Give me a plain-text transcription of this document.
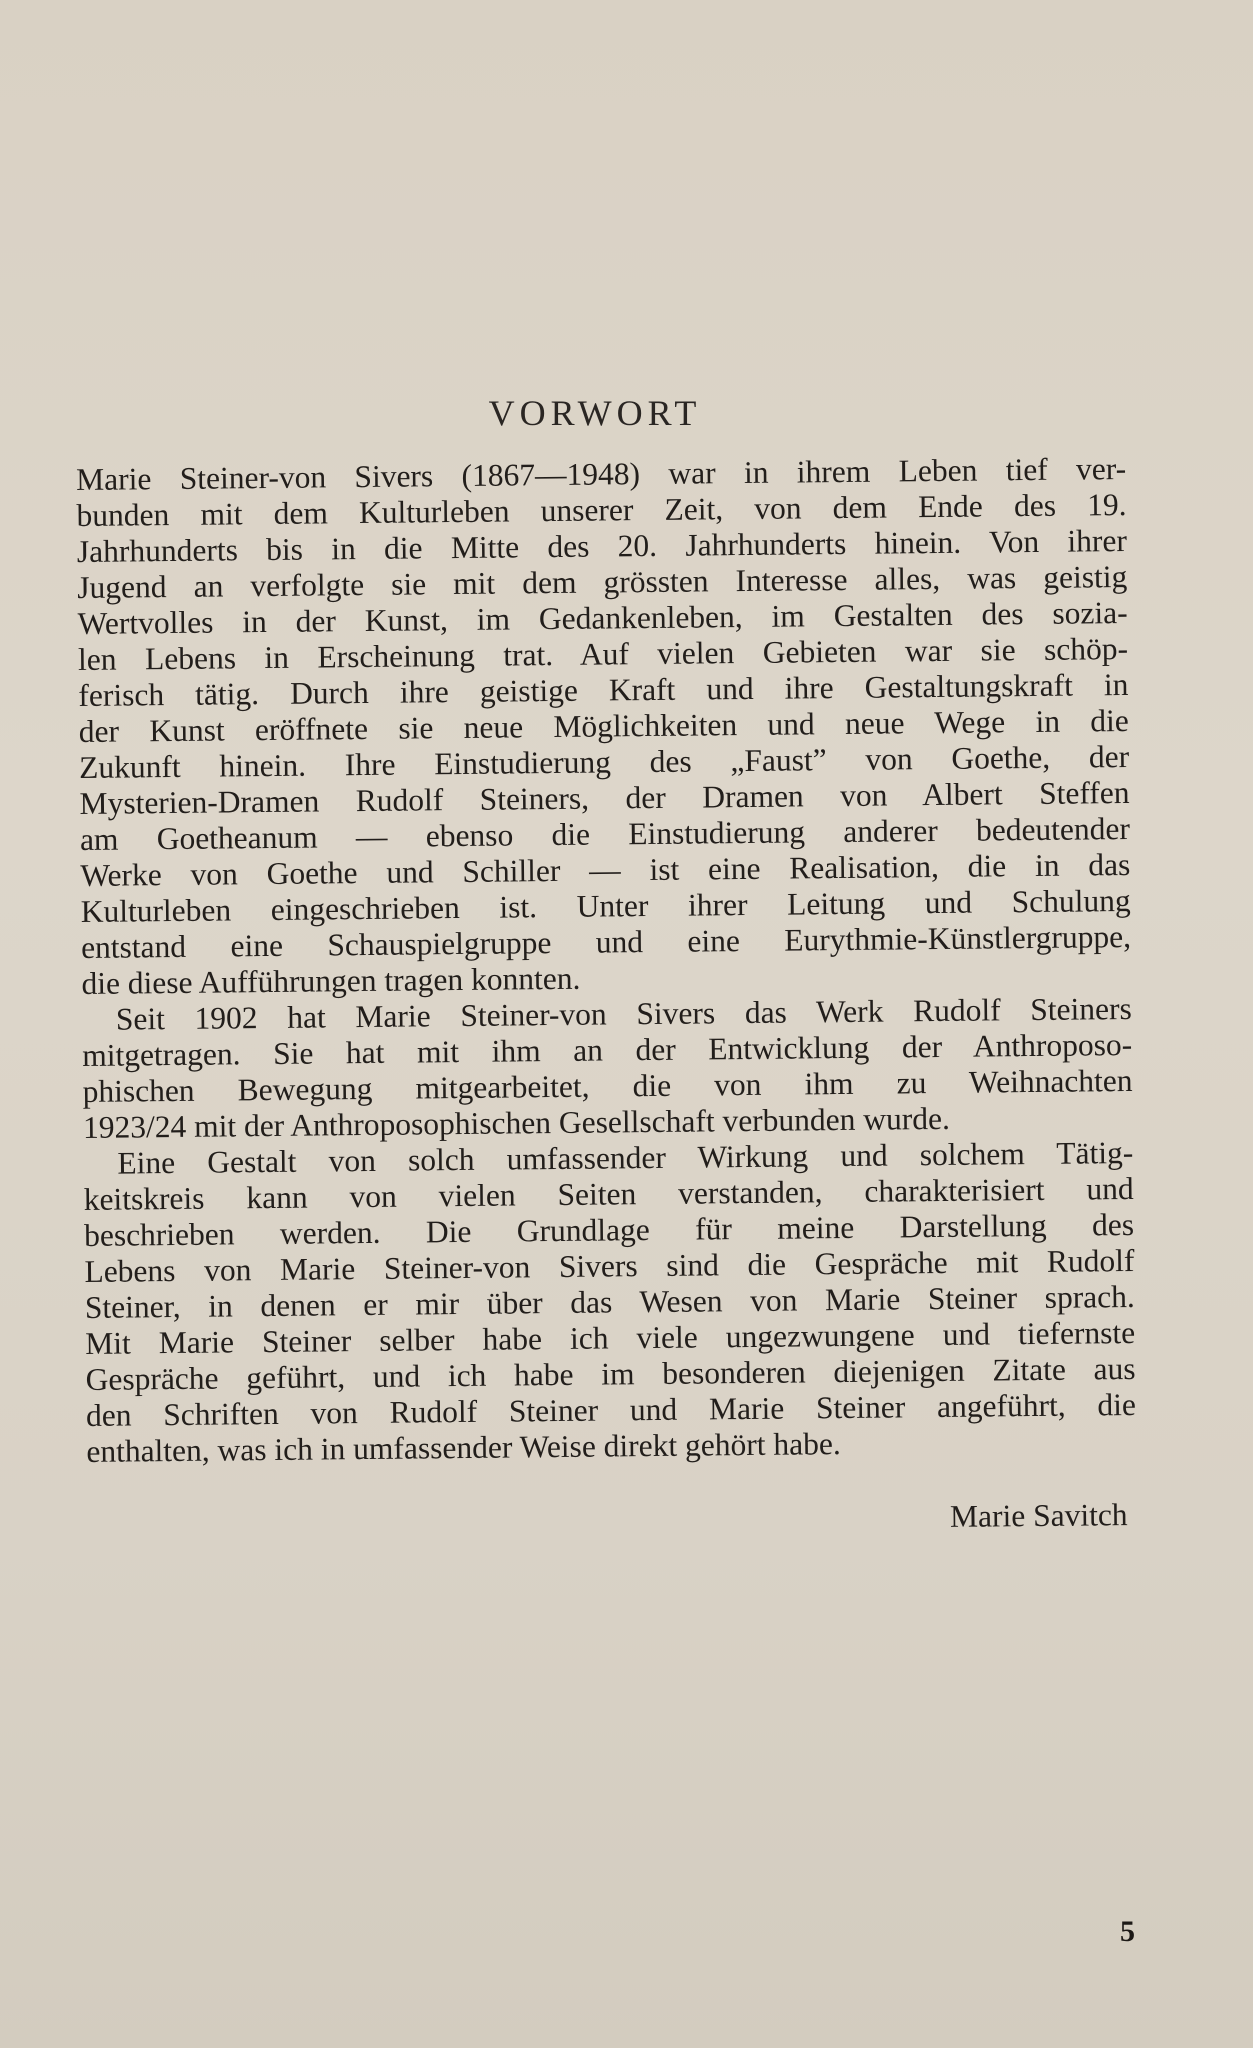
VORWORT
Marie Steiner-von Sivers (1867—1948) war in ihrem Leben tief ver-
bunden mit dem Kulturleben unserer Zeit, von dem Ende des 19.
Jahrhunderts bis in die Mitte des 20. Jahrhunderts hinein. Von ihrer
Jugend an verfolgte sie mit dem grössten Interesse alles, was geistig
Wertvolles in der Kunst, im Gedankenleben, im Gestalten des sozia-
len Lebens in Erscheinung trat. Auf vielen Gebieten war sie schöp-
ferisch tätig. Durch ihre geistige Kraft und ihre Gestaltungskraft in
der Kunst eröffnete sie neue Möglichkeiten und neue Wege in die
Zukunft hinein. Ihre Einstudierung des „Faust” von Goethe, der
Mysterien-Dramen Rudolf Steiners, der Dramen von Albert Steffen
am Goetheanum — ebenso die Einstudierung anderer bedeutender
Werke von Goethe und Schiller — ist eine Realisation, die in das
Kulturleben eingeschrieben ist. Unter ihrer Leitung und Schulung
entstand eine Schauspielgruppe und eine Eurythmie-Künstlergruppe,
die diese Aufführungen tragen konnten.
Seit 1902 hat Marie Steiner-von Sivers das Werk Rudolf Steiners
mitgetragen. Sie hat mit ihm an der Entwicklung der Anthroposo-
phischen Bewegung mitgearbeitet, die von ihm zu Weihnachten
1923/24 mit der Anthroposophischen Gesellschaft verbunden wurde.
Eine Gestalt von solch umfassender Wirkung und solchem Tätig-
keitskreis kann von vielen Seiten verstanden, charakterisiert und
beschrieben werden. Die Grundlage für meine Darstellung des
Lebens von Marie Steiner-von Sivers sind die Gespräche mit Rudolf
Steiner, in denen er mir über das Wesen von Marie Steiner sprach.
Mit Marie Steiner selber habe ich viele ungezwungene und tiefernste
Gespräche geführt, und ich habe im besonderen diejenigen Zitate aus
den Schriften von Rudolf Steiner und Marie Steiner angeführt, die
enthalten, was ich in umfassender Weise direkt gehört habe.
Marie Savitch
5
